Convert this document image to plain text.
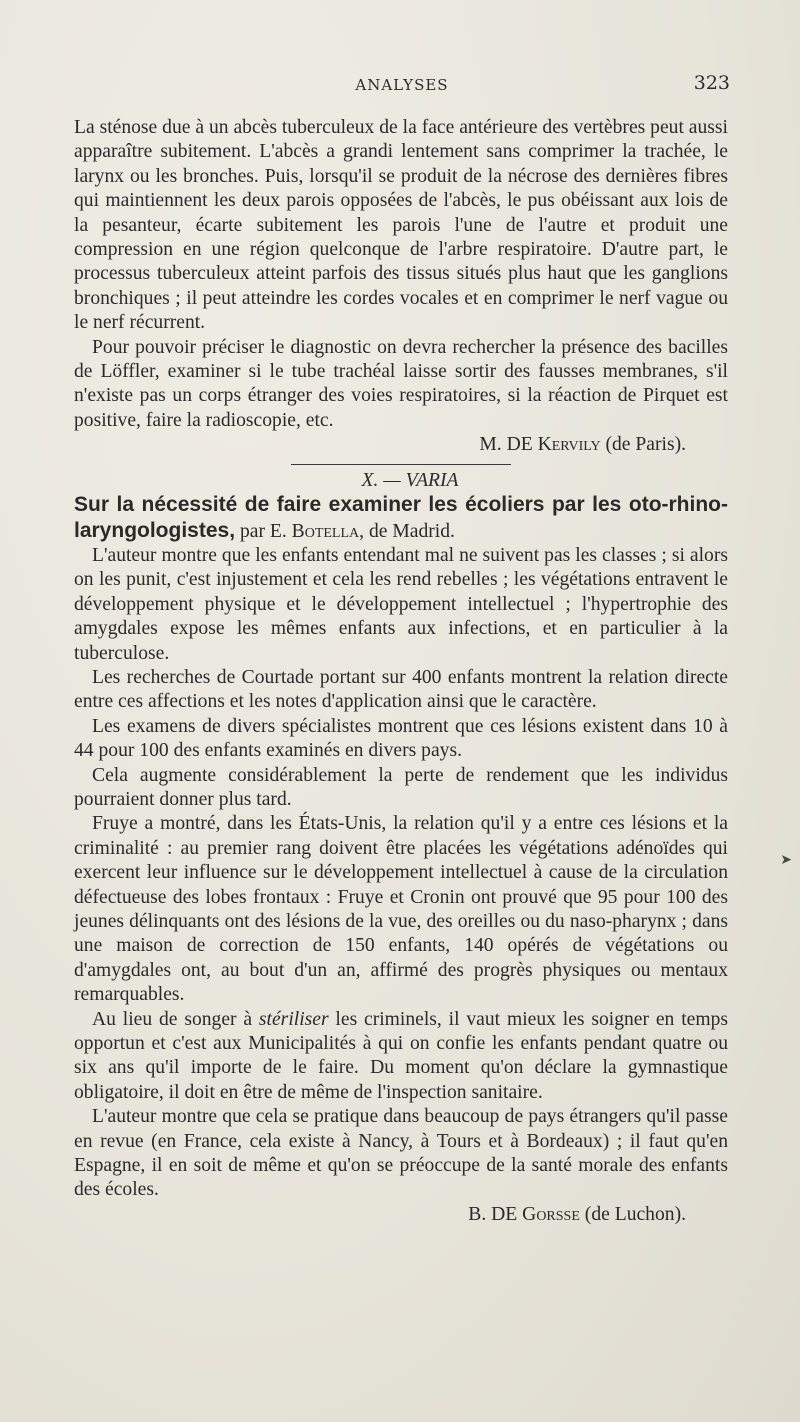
ANALYSES	323

La sténose due à un abcès tuberculeux de la face antérieure des vertèbres peut aussi apparaître subitement. L'abcès a grandi lentement sans comprimer la trachée, le larynx ou les bronches. Puis, lorsqu'il se produit de la nécrose des dernières fibres qui maintiennent les deux parois opposées de l'abcès, le pus obéissant aux lois de la pesanteur, écarte subitement les parois l'une de l'autre et produit une compression en une région quelconque de l'arbre respiratoire. D'autre part, le processus tuberculeux atteint parfois des tissus situés plus haut que les ganglions bronchiques ; il peut atteindre les cordes vocales et en comprimer le nerf vague ou le nerf récurrent.

Pour pouvoir préciser le diagnostic on devra rechercher la présence des bacilles de Löffler, examiner si le tube trachéal laisse sortir des fausses membranes, s'il n'existe pas un corps étranger des voies respiratoires, si la réaction de Pirquet est positive, faire la radioscopie, etc.

M. DE Kervily (de Paris).

X. — VARIA

Sur la nécessité de faire examiner les écoliers par les oto-rhino-laryngologistes, par E. Botella, de Madrid.

L'auteur montre que les enfants entendant mal ne suivent pas les classes ; si alors on les punit, c'est injustement et cela les rend rebelles ; les végétations entravent le développement physique et le développement intellectuel ; l'hypertrophie des amygdales expose les mêmes enfants aux infections, et en particulier à la tuberculose.

Les recherches de Courtade portant sur 400 enfants montrent la relation directe entre ces affections et les notes d'application ainsi que le caractère.

Les examens de divers spécialistes montrent que ces lésions existent dans 10 à 44 pour 100 des enfants examinés en divers pays.

Cela augmente considérablement la perte de rendement que les individus pourraient donner plus tard.

Fruye a montré, dans les États-Unis, la relation qu'il y a entre ces lésions et la criminalité : au premier rang doivent être placées les végétations adénoïdes qui exercent leur influence sur le développement intellectuel à cause de la circulation défectueuse des lobes frontaux : Fruye et Cronin ont prouvé que 95 pour 100 des jeunes délinquants ont des lésions de la vue, des oreilles ou du naso-pharynx ; dans une maison de correction de 150 enfants, 140 opérés de végétations ou d'amygdales ont, au bout d'un an, affirmé des progrès physiques ou mentaux remarquables.

Au lieu de songer à stériliser les criminels, il vaut mieux les soigner en temps opportun et c'est aux Municipalités à qui on confie les enfants pendant quatre ou six ans qu'il importe de le faire. Du moment qu'on déclare la gymnastique obligatoire, il doit en être de même de l'inspection sanitaire.

L'auteur montre que cela se pratique dans beaucoup de pays étrangers qu'il passe en revue (en France, cela existe à Nancy, à Tours et à Bordeaux) ; il faut qu'en Espagne, il en soit de même et qu'on se préoccupe de la santé morale des enfants des écoles.

B. DE Gorsse (de Luchon).

➤
